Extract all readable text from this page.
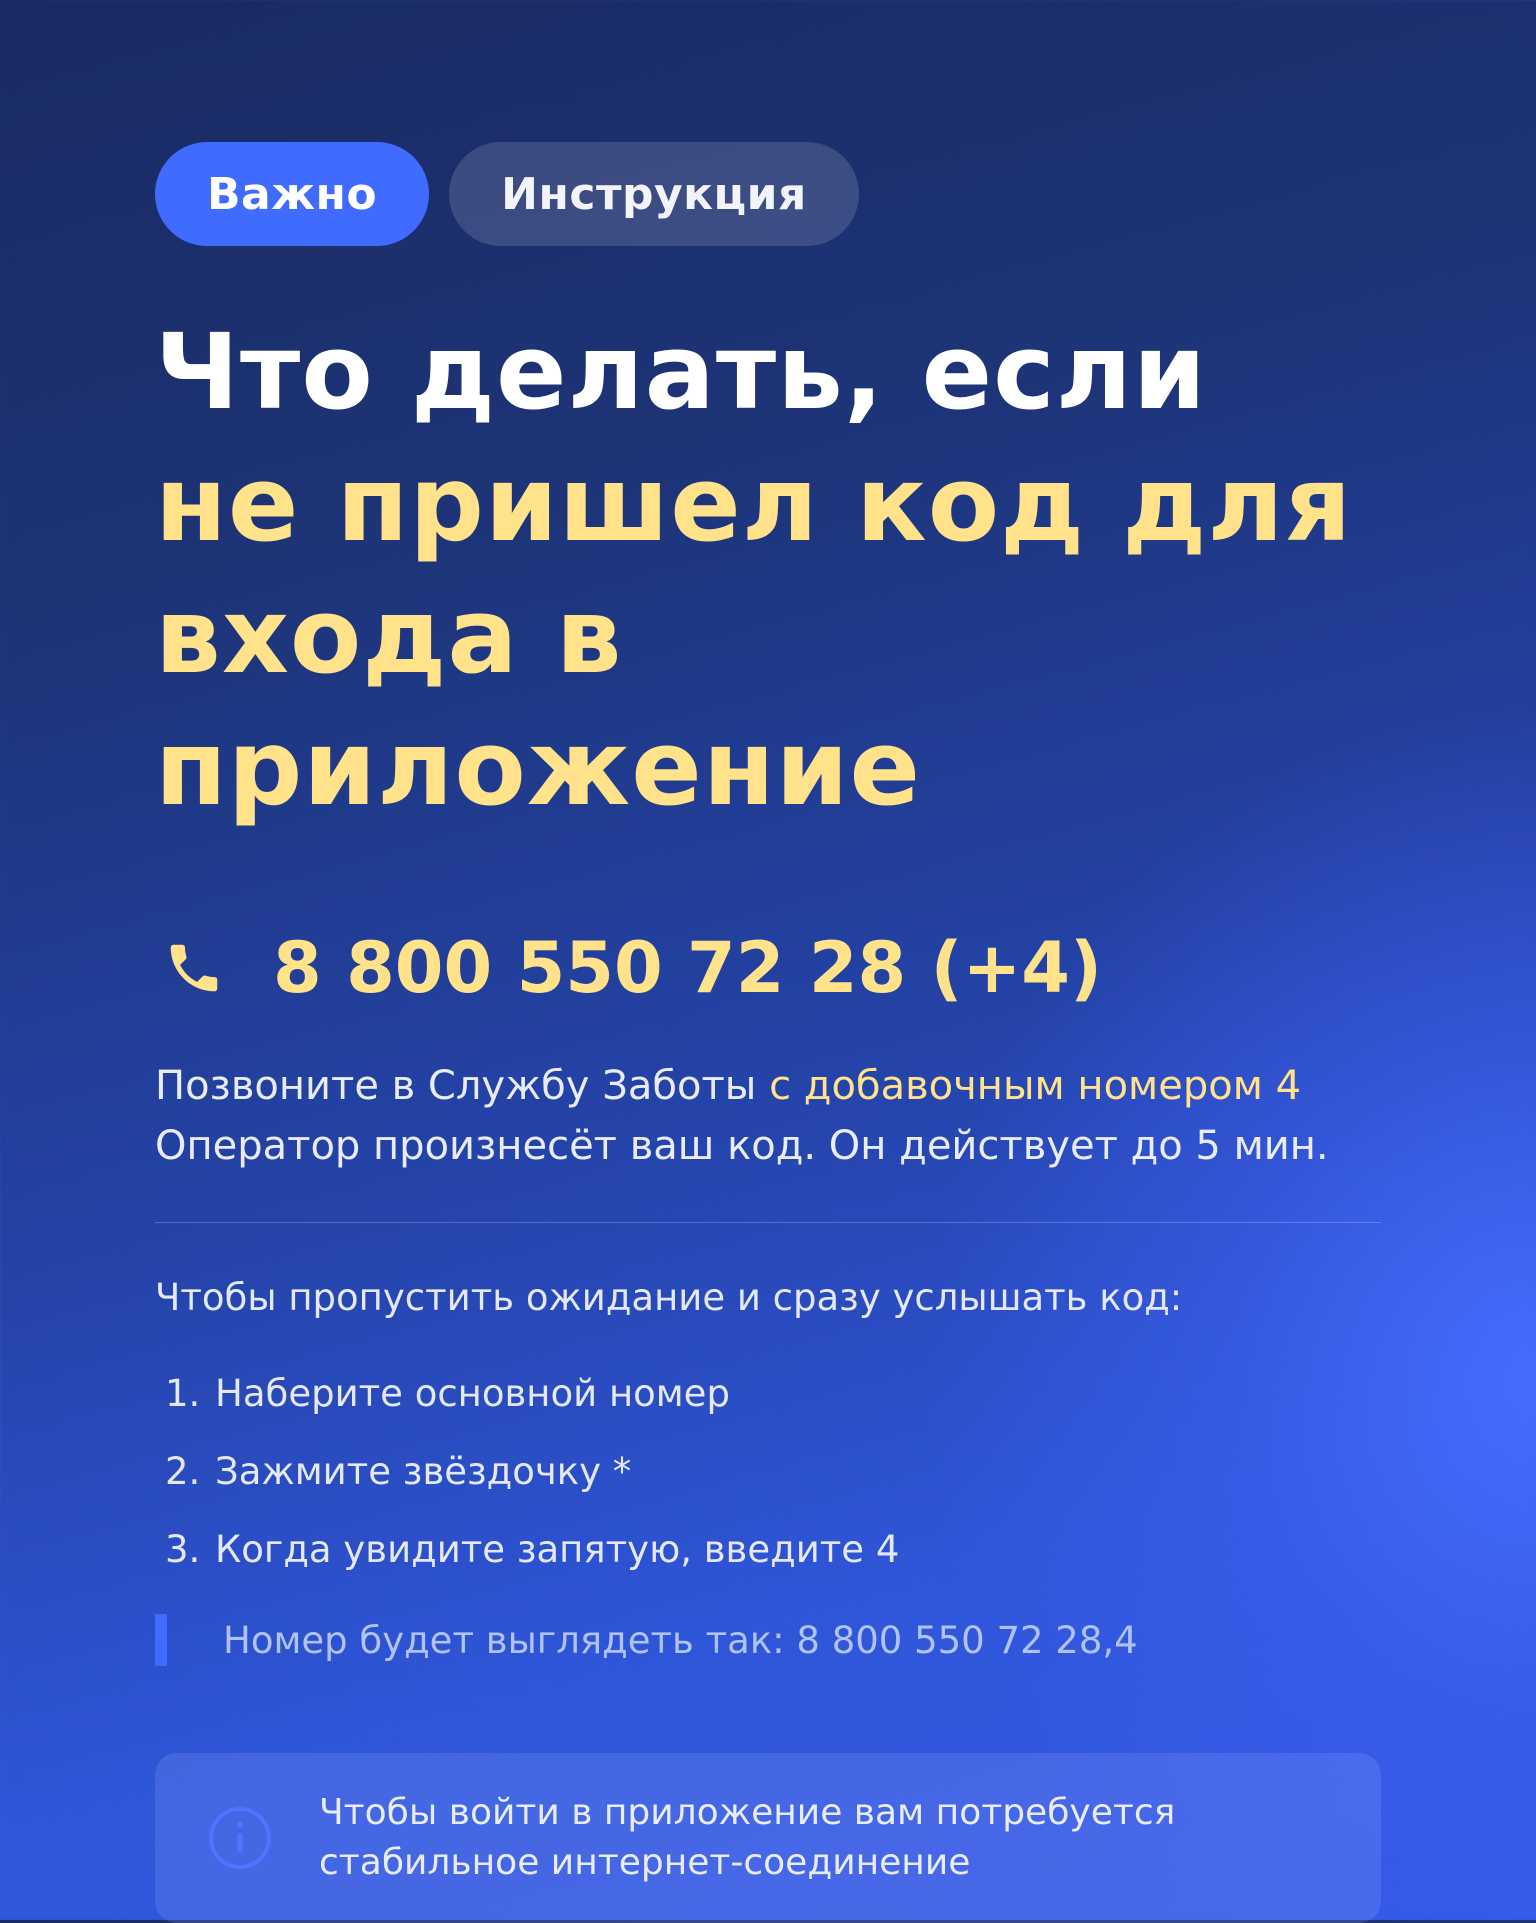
Важно	Инструкция
Что делать, если
не пришел код для
входа в приложение
8 800 550 72 28 (+4)
Позвоните в Службу Заботы с добавочным номером 4
Оператор произнесёт ваш код. Он действует до 5 мин.
Чтобы пропустить ожидание и сразу услышать код:
1. Наберите основной номер
2. Зажмите звёздочку *
3. Когда увидите запятую, введите 4
Номер будет выглядеть так: 8 800 550 72 28,4
Чтобы войти в приложение вам потребуется
стабильное интернет-соединение
